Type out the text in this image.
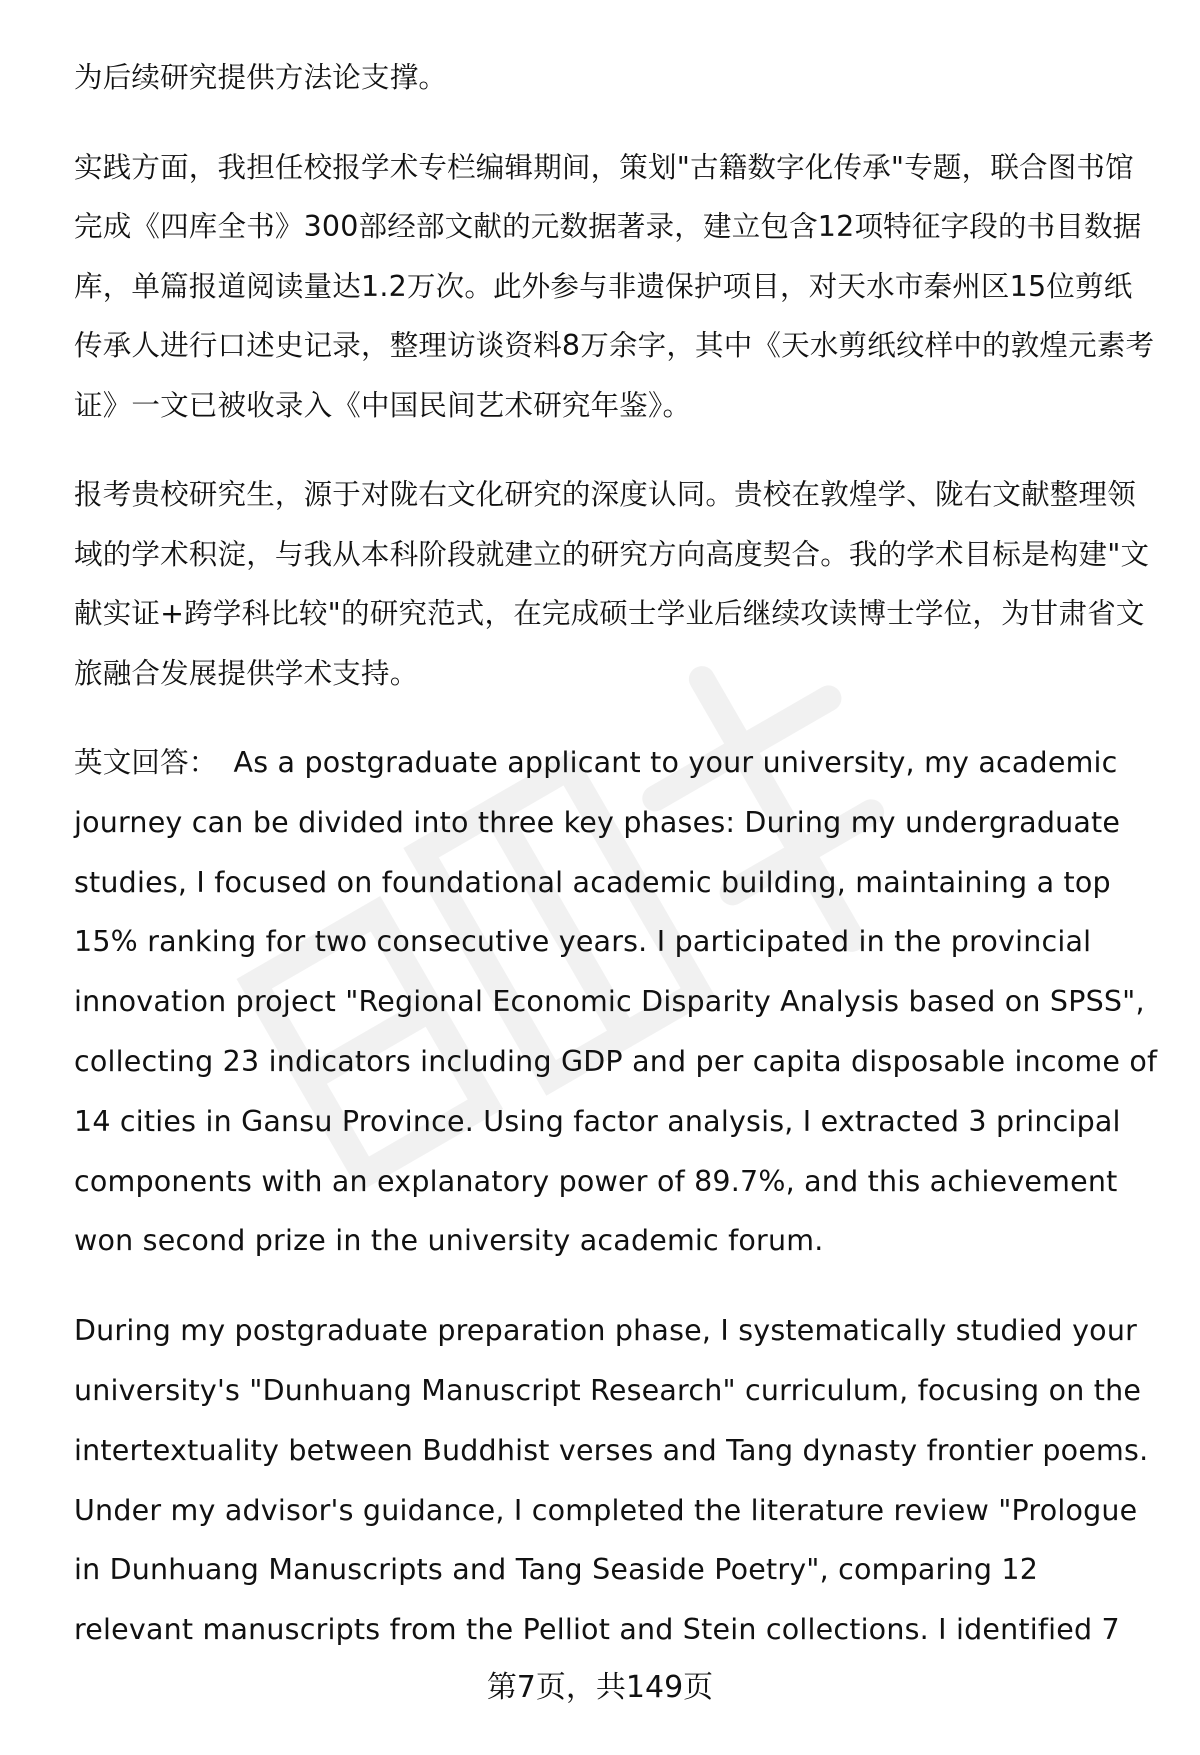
为后续研究提供方法论支撑。

实践方面，我担任校报学术专栏编辑期间，策划"古籍数字化传承"专题，联合图书馆完成《四库全书》300部经部文献的元数据著录，建立包含12项特征字段的书目数据库，单篇报道阅读量达1.2万次。此外参与非遗保护项目，对天水市秦州区15位剪纸传承人进行口述史记录，整理访谈资料8万余字，其中《天水剪纸纹样中的敦煌元素考证》一文已被收录入《中国民间艺术研究年鉴》。

报考贵校研究生，源于对陇右文化研究的深度认同。贵校在敦煌学、陇右文献整理领域的学术积淀，与我从本科阶段就建立的研究方向高度契合。我的学术目标是构建"文献实证+跨学科比较"的研究范式，在完成硕士学业后继续攻读博士学位，为甘肃省文旅融合发展提供学术支持。

英文回答： As a postgraduate applicant to your university, my academic journey can be divided into three key phases: During my undergraduate studies, I focused on foundational academic building, maintaining a top 15% ranking for two consecutive years. I participated in the provincial innovation project "Regional Economic Disparity Analysis based on SPSS", collecting 23 indicators including GDP and per capita disposable income of 14 cities in Gansu Province. Using factor analysis, I extracted 3 principal components with an explanatory power of 89.7%, and this achievement won second prize in the university academic forum.

During my postgraduate preparation phase, I systematically studied your university's "Dunhuang Manuscript Research" curriculum, focusing on the intertextuality between Buddhist verses and Tang dynasty frontier poems. Under my advisor's guidance, I completed the literature review "Prologue in Dunhuang Manuscripts and Tang Seaside Poetry", comparing 12 relevant manuscripts from the Pelliot and Stein collections. I identified 7

第7页，共149页
